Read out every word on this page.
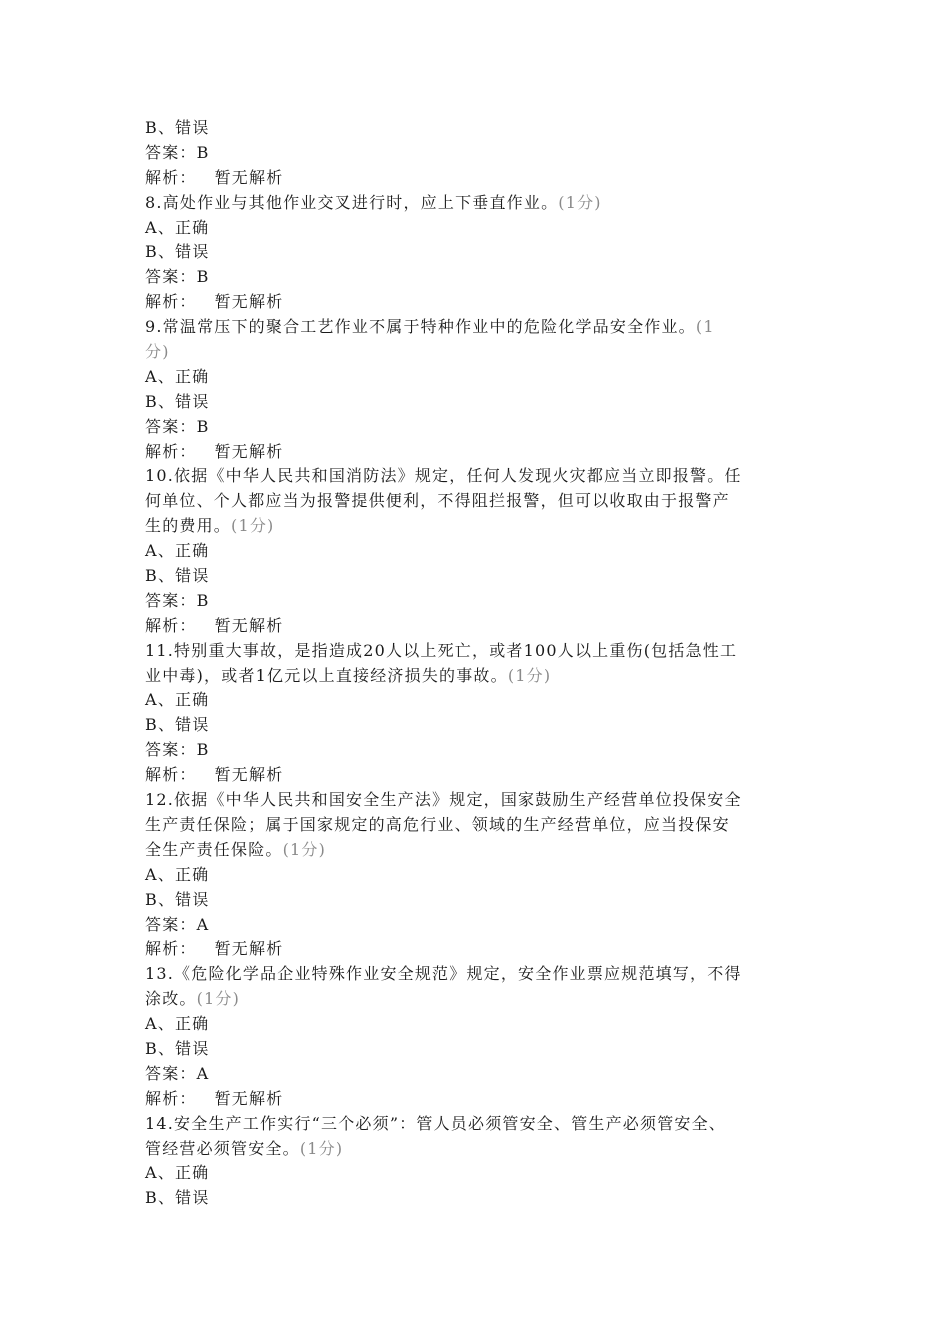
B、错误
答案：B
解析： 暂无解析
8.高处作业与其他作业交叉进行时，应上下垂直作业。(1分)
A、正确
B、错误
答案：B
解析： 暂无解析
9.常温常压下的聚合工艺作业不属于特种作业中的危险化学品安全作业。(1
分)
A、正确
B、错误
答案：B
解析： 暂无解析
10.依据《中华人民共和国消防法》规定，任何人发现火灾都应当立即报警。任
何单位、个人都应当为报警提供便利，不得阻拦报警，但可以收取由于报警产
生的费用。(1分)
A、正确
B、错误
答案：B
解析： 暂无解析
11.特别重大事故，是指造成20人以上死亡，或者100人以上重伤(包括急性工
业中毒)，或者1亿元以上直接经济损失的事故。(1分)
A、正确
B、错误
答案：B
解析： 暂无解析
12.依据《中华人民共和国安全生产法》规定，国家鼓励生产经营单位投保安全
生产责任保险；属于国家规定的高危行业、领域的生产经营单位，应当投保安
全生产责任保险。(1分)
A、正确
B、错误
答案：A
解析： 暂无解析
13.《危险化学品企业特殊作业安全规范》规定，安全作业票应规范填写，不得
涂改。(1分)
A、正确
B、错误
答案：A
解析： 暂无解析
14.安全生产工作实行“三个必须”：管人员必须管安全、管生产必须管安全、
管经营必须管安全。(1分)
A、正确
B、错误
